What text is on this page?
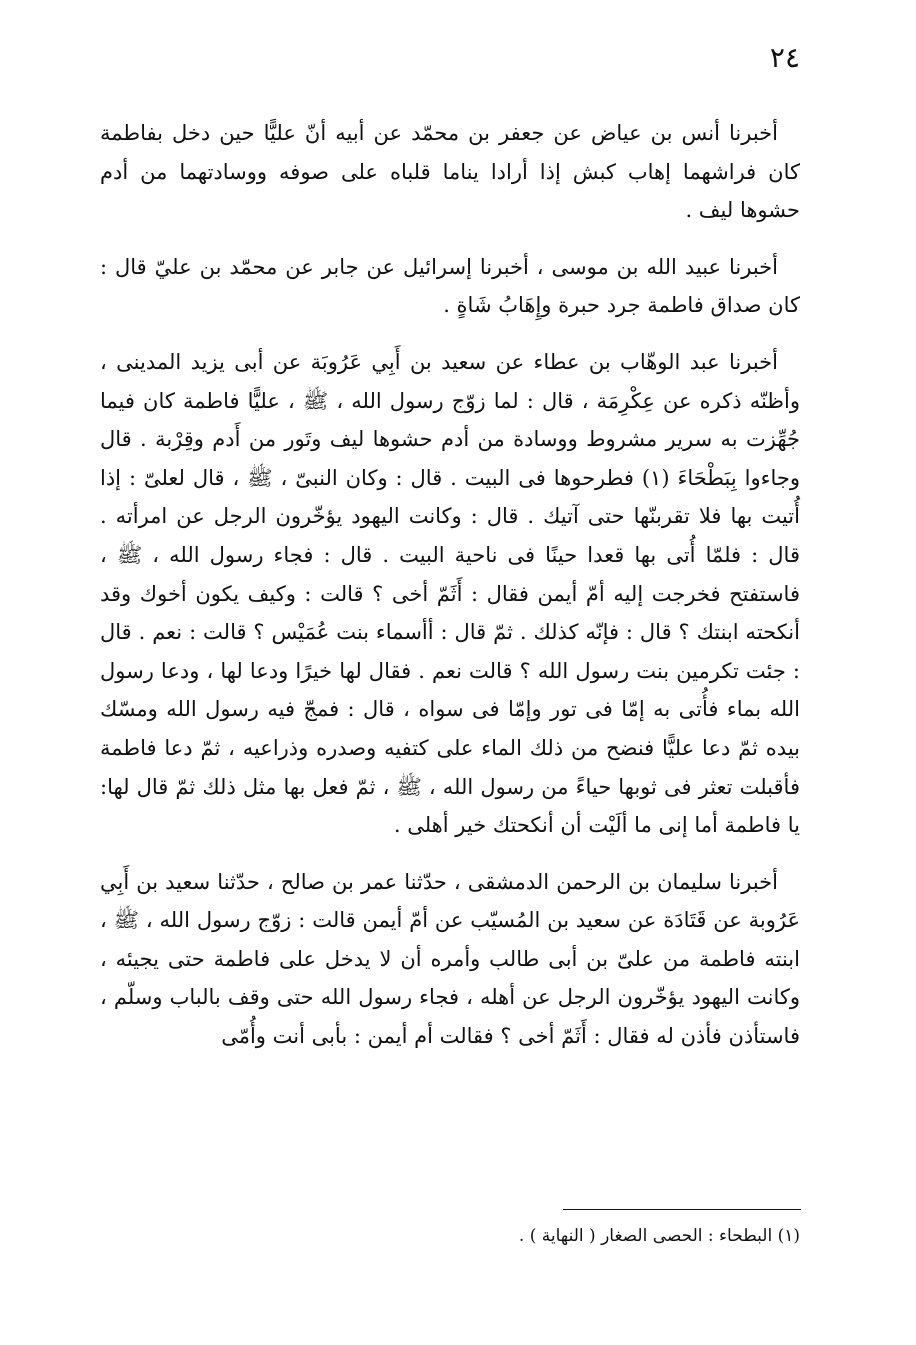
٢٤

أخبرنا أنس بن عياض عن جعفر بن محمّد عن أبيه أنّ عليًّا حين دخل بفاطمة كان فراشهما إهاب كبش إذا أرادا يناما قلباه على صوفه ووسادتهما من أدم حشوها ليف .

أخبرنا عبيد الله بن موسى ، أخبرنا إسرائيل عن جابر عن محمّد بن عليّ قال : كان صداق فاطمة جرد حبرة وإِهَابُ شَاةٍ .

أخبرنا عبد الوهّاب بن عطاء عن سعيد بن أَبِي عَرُوبَة عن أبى يزيد المدينى ، وأظنّه ذكره عن عِكْرِمَة ، قال : لما زوّج رسول الله ، ﷺ ، عليًّا فاطمة كان فيما جُهِّزت به سرير مشروط ووسادة من أدم حشوها ليف وتَور من أَدم وقِرْبة . قال وجاءوا بِبَطْحَاءَ (١) فطرحوها فى البيت . قال : وكان النبىّ ، ﷺ ، قال لعلىّ : إذا أُتيت بها فلا تقربنّها حتى آتيك . قال : وكانت اليهود يؤخّرون الرجل عن امرأته . قال : فلمّا أُتى بها قعدا حينًا فى ناحية البيت . قال : فجاء رسول الله ، ﷺ ، فاستفتح فخرجت إليه أمّ أيمن فقال : أَثَمّ أخى ؟ قالت : وكيف يكون أخوك وقد أنكحته ابنتك ؟ قال : فإنّه كذلك . ثمّ قال : أأسماء بنت عُمَيْس ؟ قالت : نعم . قال : جئت تكرمين بنت رسول الله ؟ قالت نعم . فقال لها خيرًا ودعا لها ، ودعا رسول الله بماء فأُتى به إمّا فى تور وإمّا فى سواه ، قال : فمجّ فيه رسول الله ومسّك بيده ثمّ دعا عليًّا فنضح من ذلك الماء على كتفيه وصدره وذراعيه ، ثمّ دعا فاطمة فأقبلت تعثر فى ثوبها حياءً من رسول الله ، ﷺ ، ثمّ فعل بها مثل ذلك ثمّ قال لها: يا فاطمة أما إنى ما ألَيْت أن أنكحتك خير أهلى .

أخبرنا سليمان بن الرحمن الدمشقى ، حدّثنا عمر بن صالح ، حدّثنا سعيد بن أَبِي عَرُوبة عن قَتَادَة عن سعيد بن المُسيّب عن أمّ أيمن قالت : زوّج رسول الله ، ﷺ ، ابنته فاطمة من علىّ بن أبى طالب وأمره أن لا يدخل على فاطمة حتى يجيئه ، وكانت اليهود يؤخّرون الرجل عن أهله ، فجاء رسول الله حتى وقف بالباب وسلّم ، فاستأذن فأذن له فقال : أَثَمّ أخى ؟ فقالت أم أيمن : بأبى أنت وأُمّى

(١) البطحاء : الحصى الصغار ( النهاية ) .
